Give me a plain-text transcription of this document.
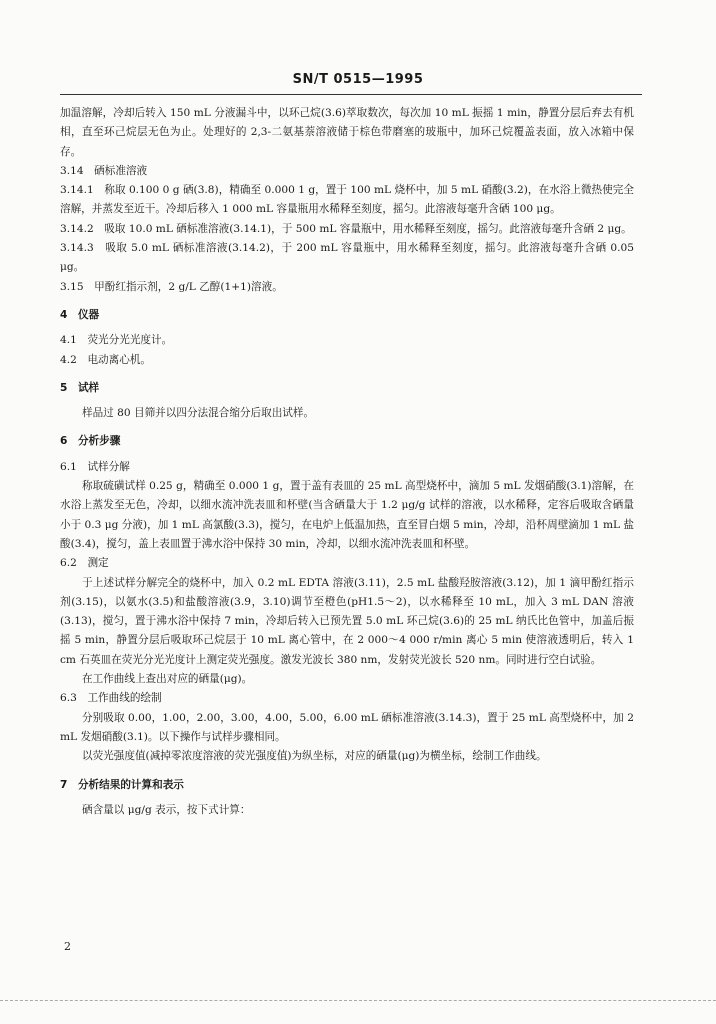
SN/T 0515—1995

加温溶解，冷却后转入 150 mL 分液漏斗中，以环己烷(3.6)萃取数次，每次加 10 mL 振摇 1 min，静置分层后弃去有机相，直至环己烷层无色为止。处理好的 2,3-二氨基萘溶液储于棕色带磨塞的玻瓶中，加环己烷覆盖表面，放入冰箱中保存。

3.14　硒标准溶液

3.14.1　称取 0.100 0 g 硒(3.8)，精确至 0.000 1 g，置于 100 mL 烧杯中，加 5 mL 硝酸(3.2)，在水浴上微热使完全溶解，并蒸发至近干。冷却后移入 1 000 mL 容量瓶用水稀释至刻度，摇匀。此溶液每毫升含硒 100 μg。

3.14.2　吸取 10.0 mL 硒标准溶液(3.14.1)，于 500 mL 容量瓶中，用水稀释至刻度，摇匀。此溶液每毫升含硒 2 μg。

3.14.3　吸取 5.0 mL 硒标准溶液(3.14.2)，于 200 mL 容量瓶中，用水稀释至刻度，摇匀。此溶液每毫升含硒 0.05 μg。

3.15　甲酚红指示剂，2 g/L 乙醇(1+1)溶液。

4　仪器

4.1　荧光分光光度计。

4.2　电动离心机。

5　试样

样品过 80 目筛并以四分法混合缩分后取出试样。

6　分析步骤

6.1　试样分解

称取硫磺试样 0.25 g，精确至 0.000 1 g，置于盖有表皿的 25 mL 高型烧杯中，滴加 5 mL 发烟硝酸(3.1)溶解，在水浴上蒸发至无色，冷却，以细水流冲洗表皿和杯壁(当含硒量大于 1.2 μg/g 试样的溶液，以水稀释，定容后吸取含硒量小于 0.3 μg 分液)，加 1 mL 高氯酸(3.3)，搅匀，在电炉上低温加热，直至冒白烟 5 min，冷却，沿杯周壁滴加 1 mL 盐酸(3.4)，搅匀，盖上表皿置于沸水浴中保持 30 min，冷却，以细水流冲洗表皿和杯壁。

6.2　测定

于上述试样分解完全的烧杯中，加入 0.2 mL EDTA 溶液(3.11)，2.5 mL 盐酸羟胺溶液(3.12)，加 1 滴甲酚红指示剂(3.15)，以氨水(3.5)和盐酸溶液(3.9，3.10)调节至橙色(pH1.5～2)，以水稀释至 10 mL，加入 3 mL DAN 溶液(3.13)，搅匀，置于沸水浴中保持 7 min，冷却后转入已预先置 5.0 mL 环己烷(3.6)的 25 mL 纳氏比色管中，加盖后振摇 5 min，静置分层后吸取环己烷层于 10 mL 离心管中，在 2 000～4 000 r/min 离心 5 min 使溶液透明后，转入 1 cm 石英皿在荧光分光光度计上测定荧光强度。激发光波长 380 nm，发射荧光波长 520 nm。同时进行空白试验。

在工作曲线上查出对应的硒量(μg)。

6.3　工作曲线的绘制

分别吸取 0.00，1.00，2.00，3.00，4.00，5.00，6.00 mL 硒标准溶液(3.14.3)，置于 25 mL 高型烧杯中，加 2 mL 发烟硝酸(3.1)。以下操作与试样步骤相同。

以荧光强度值(减掉零浓度溶液的荧光强度值)为纵坐标，对应的硒量(μg)为横坐标，绘制工作曲线。

7　分析结果的计算和表示

硒含量以 μg/g 表示，按下式计算：

2
